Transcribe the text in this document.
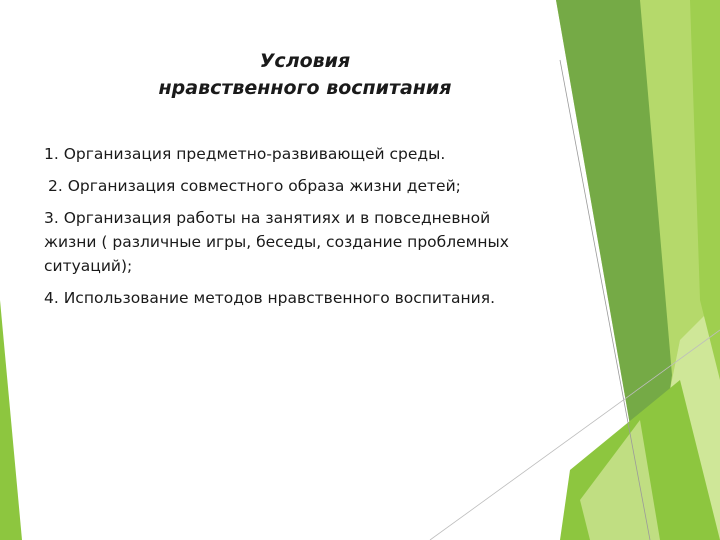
Условия
нравственного воспитания

1. Организация предметно-развивающей среды.

2. Организация совместного образа жизни детей;

3. Организация работы на занятиях и в повседневной жизни ( различные игры, беседы, создание проблемных ситуаций);

4. Использование методов нравственного воспитания.
